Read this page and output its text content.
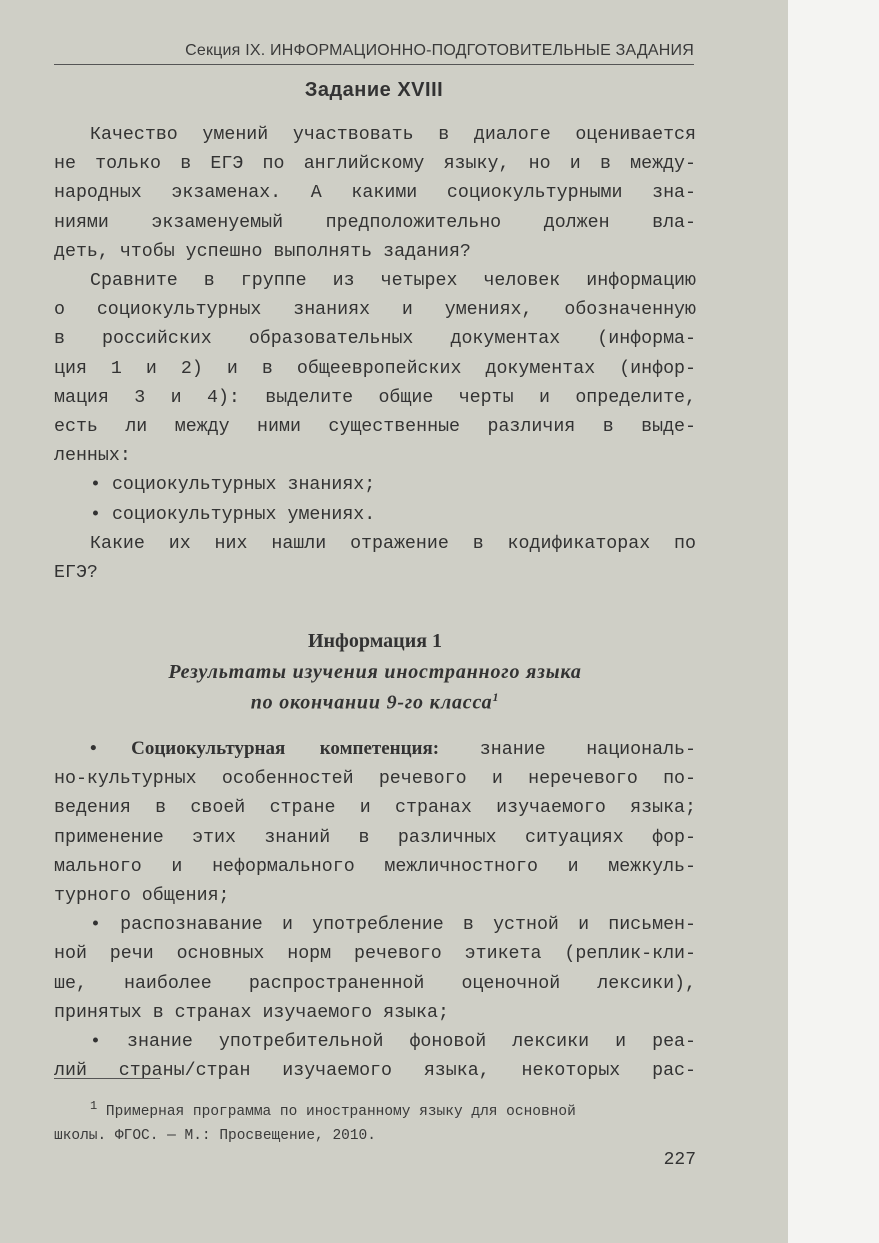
Секция IX. ИНФОРМАЦИОННО-ПОДГОТОВИТЕЛЬНЫЕ ЗАДАНИЯ
Задание XVIII
Качество умений участвовать в диалоге оценивается
не только в ЕГЭ по английскому языку, но и в между-
народных экзаменах. А какими социокультурными зна-
ниями экзаменуемый предположительно должен вла-
деть, чтобы успешно выполнять задания?
Сравните в группе из четырех человек информацию
о социокультурных знаниях и умениях, обозначенную
в российских образовательных документах (информа-
ция 1 и 2) и в общеевропейских документах (инфор-
мация 3 и 4): выделите общие черты и определите,
есть ли между ними существенные различия в выде-
ленных:
• социокультурных знаниях;
• социокультурных умениях.
Какие их них нашли отражение в кодификаторах по
ЕГЭ?
Информация 1
Результаты изучения иностранного языка
по окончании 9-го класса$^1$
• Социокультурная компетенция: знание националь-
но-культурных особенностей речевого и неречевого по-
ведения в своей стране и странах изучаемого языка;
применение этих знаний в различных ситуациях фор-
мального и неформального межличностного и межкуль-
турного общения;
• распознавание и употребление в устной и письмен-
ной речи основных норм речевого этикета (реплик-кли-
ше, наиболее распространенной оценочной лексики),
принятых в странах изучаемого языка;
• знание употребительной фоновой лексики и реа-
лий страны/стран изучаемого языка, некоторых рас-
$^1$ Примерная программа по иностранному языку для основной
школы. ФГОС. — М.: Просвещение, 2010.
227
